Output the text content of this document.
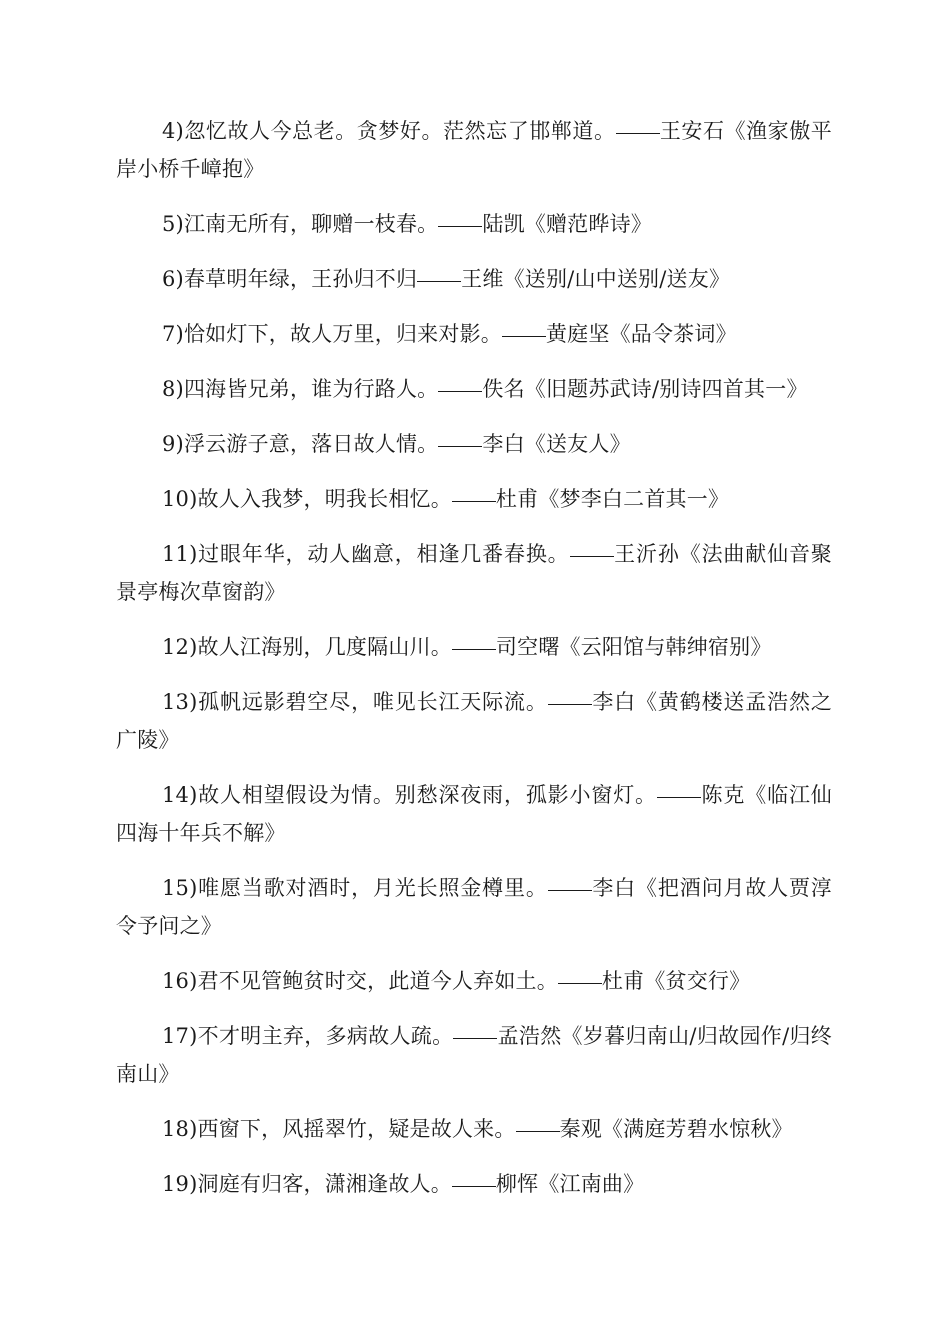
4)忽忆故人今总老。贪梦好。茫然忘了邯郸道。 王安石《渔家傲平岸小桥千嶂抱》

5)江南无所有，聊赠一枝春。 陆凯《赠范晔诗》

6)春草明年绿，王孙归不归 王维《送别/山中送别/送友》

7)恰如灯下，故人万里，归来对影。 黄庭坚《品令茶词》

8)四海皆兄弟，谁为行路人。 佚名《旧题苏武诗/别诗四首其一》

9)浮云游子意，落日故人情。 李白《送友人》

10)故人入我梦，明我长相忆。 杜甫《梦李白二首其一》

11)过眼年华，动人幽意，相逢几番春换。 王沂孙《法曲献仙音聚景亭梅次草窗韵》

12)故人江海别，几度隔山川。 司空曙《云阳馆与韩绅宿别》

13)孤帆远影碧空尽，唯见长江天际流。 李白《黄鹤楼送孟浩然之广陵》

14)故人相望假设为情。别愁深夜雨，孤影小窗灯。 陈克《临江仙四海十年兵不解》

15)唯愿当歌对酒时，月光长照金樽里。 李白《把酒问月故人贾淳令予问之》

16)君不见管鲍贫时交，此道今人弃如土。 杜甫《贫交行》

17)不才明主弃，多病故人疏。 孟浩然《岁暮归南山/归故园作/归终南山》

18)西窗下，风摇翠竹，疑是故人来。 秦观《满庭芳碧水惊秋》

19)洞庭有归客，潇湘逢故人。 柳恽《江南曲》
